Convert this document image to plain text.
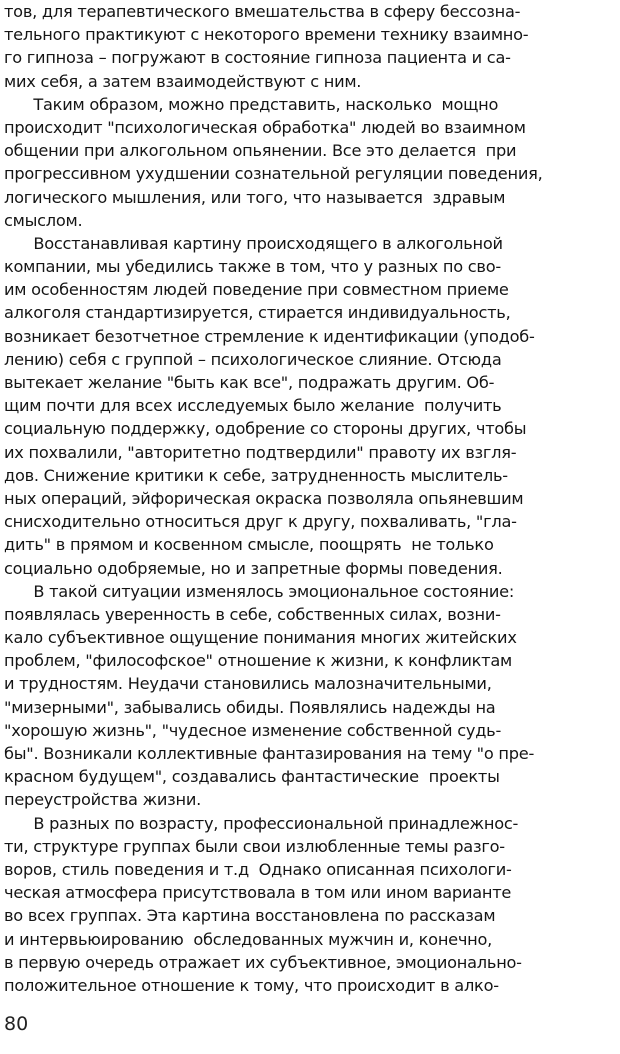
тов, для терапевтического вмешательства в сферу бессозна-
тельного практикуют с некоторого времени технику взаимно-
го гипноза – погружают в состояние гипноза пациента и са-
мих себя, а затем взаимодействуют с ним.
Таким образом, можно представить, насколько  мощно
происходит "психологическая обработка" людей во взаимном
общении при алкогольном опьянении. Все это делается  при
прогрессивном ухудшении сознательной регуляции поведения,
логического мышления, или того, что называется  здравым
смыслом.
Восстанавливая картину происходящего в алкогольной
компании, мы убедились также в том, что у разных по сво-
им особенностям людей поведение при совместном приеме
алкоголя стандартизируется, стирается индивидуальность,
возникает безотчетное стремление к идентификации (уподоб-
лению) себя с группой – психологическое слияние. Отсюда
вытекает желание "быть как все", подражать другим. Об-
щим почти для всех исследуемых было желание  получить
социальную поддержку, одобрение со стороны других, чтобы
их похвалили, "авторитетно подтвердили" правоту их взгля-
дов. Снижение критики к себе, затрудненность мыслитель-
ных операций, эйфорическая окраска позволяла опьяневшим
снисходительно относиться друг к другу, похваливать, "гла-
дить" в прямом и косвенном смысле, поощрять  не только
социально одобряемые, но и запретные формы поведения.
В такой ситуации изменялось эмоциональное состояние:
появлялась уверенность в себе, собственных силах, возни-
кало субъективное ощущение понимания многих житейских
проблем, "философское" отношение к жизни, к конфликтам
и трудностям. Неудачи становились малозначительными,
"мизерными", забывались обиды. Появлялись надежды на
"хорошую жизнь", "чудесное изменение собственной судь-
бы". Возникали коллективные фантазирования на тему "о пре-
красном будущем", создавались фантастические  проекты
переустройства жизни.
В разных по возрасту, профессиональной принадлежнос-
ти, структуре группах были свои излюбленные темы разго-
воров, стиль поведения и т.д  Однако описанная психологи-
ческая атмосфера присутствовала в том или ином варианте
во всех группах. Эта картина восстановлена по рассказам
и интервьюированию  обследованных мужчин и, конечно,
в первую очередь отражает их субъективное, эмоционально-
положительное отношение к тому, что происходит в алко-
80
